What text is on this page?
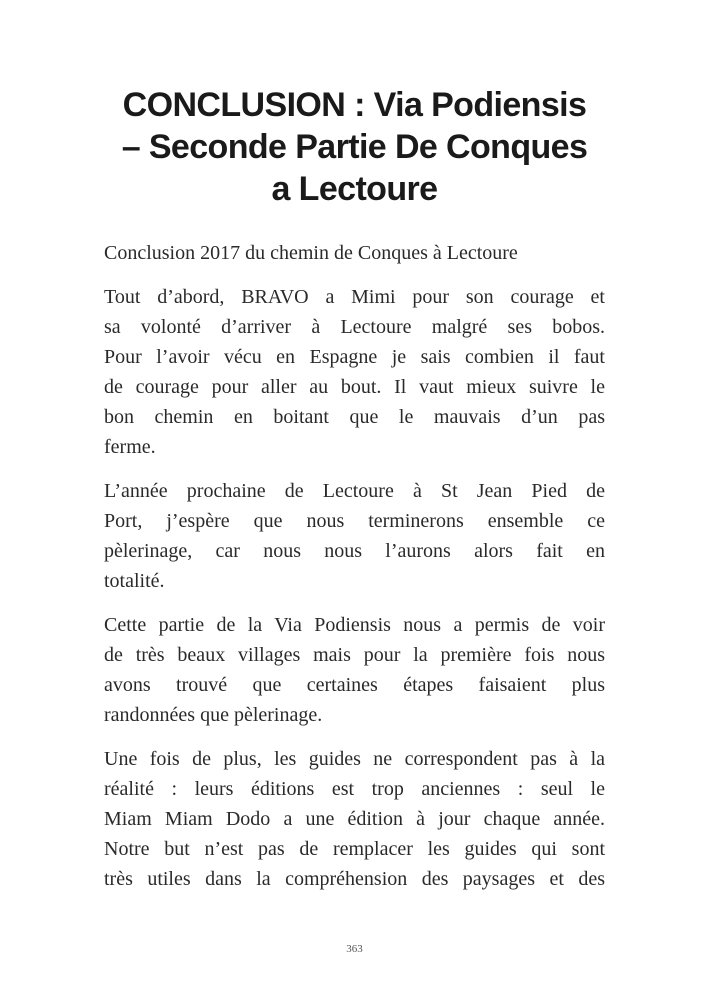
CONCLUSION : Via Podiensis
– Seconde Partie De Conques
a Lectoure

Conclusion 2017 du chemin de Conques à Lectoure

Tout d’abord, BRAVO a Mimi pour son courage et
sa volonté d’arriver à Lectoure malgré ses bobos.
Pour l’avoir vécu en Espagne je sais combien il faut
de courage pour aller au bout. Il vaut mieux suivre le
bon chemin en boitant que le mauvais d’un pas
ferme.

L’année prochaine de Lectoure à St Jean Pied de
Port, j’espère que nous terminerons ensemble ce
pèlerinage, car nous nous l’aurons alors fait en
totalité.

Cette partie de la Via Podiensis nous a permis de voir
de très beaux villages mais pour la première fois nous
avons trouvé que certaines étapes faisaient plus
randonnées que pèlerinage.

Une fois de plus, les guides ne correspondent pas à la
réalité : leurs éditions est trop anciennes : seul le
Miam Miam Dodo a une édition à jour chaque année.
Notre but n’est pas de remplacer les guides qui sont
très utiles dans la compréhension des paysages et des

363
